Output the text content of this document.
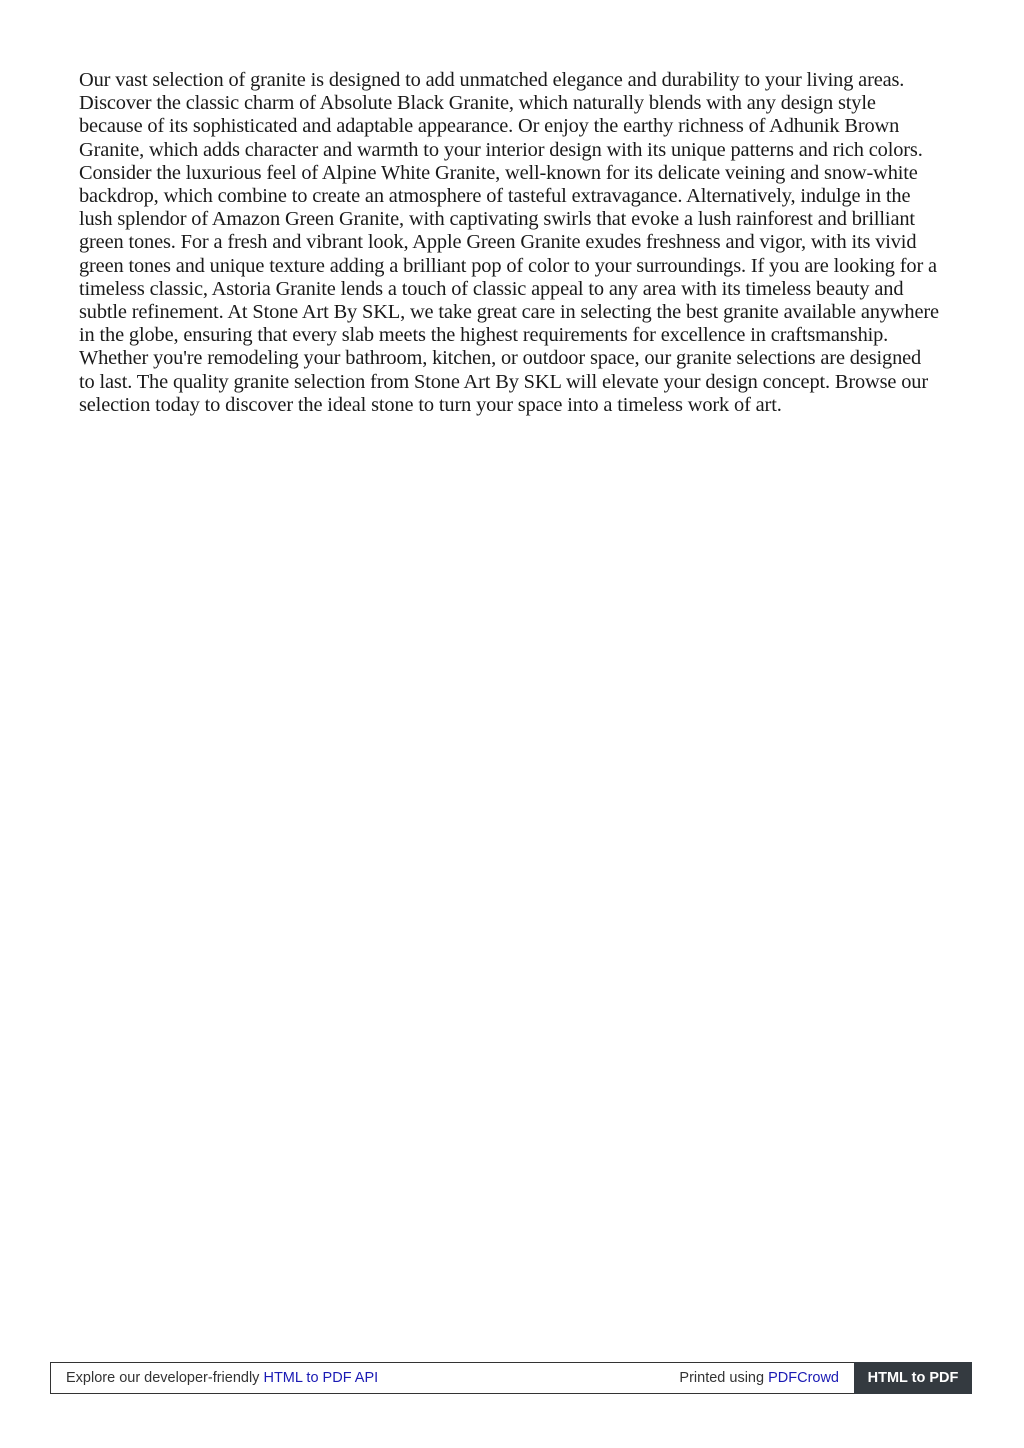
Our vast selection of granite is designed to add unmatched elegance and durability to your living areas. Discover the classic charm of Absolute Black Granite, which naturally blends with any design style because of its sophisticated and adaptable appearance. Or enjoy the earthy richness of Adhunik Brown Granite, which adds character and warmth to your interior design with its unique patterns and rich colors. Consider the luxurious feel of Alpine White Granite, well-known for its delicate veining and snow-white backdrop, which combine to create an atmosphere of tasteful extravagance. Alternatively, indulge in the lush splendor of Amazon Green Granite, with captivating swirls that evoke a lush rainforest and brilliant green tones. For a fresh and vibrant look, Apple Green Granite exudes freshness and vigor, with its vivid green tones and unique texture adding a brilliant pop of color to your surroundings. If you are looking for a timeless classic, Astoria Granite lends a touch of classic appeal to any area with its timeless beauty and subtle refinement. At Stone Art By SKL, we take great care in selecting the best granite available anywhere in the globe, ensuring that every slab meets the highest requirements for excellence in craftsmanship. Whether you're remodeling your bathroom, kitchen, or outdoor space, our granite selections are designed to last. The quality granite selection from Stone Art By SKL will elevate your design concept. Browse our selection today to discover the ideal stone to turn your space into a timeless work of art.

Explore our developer-friendly HTML to PDF API	Printed using PDFCrowd	HTML to PDF
